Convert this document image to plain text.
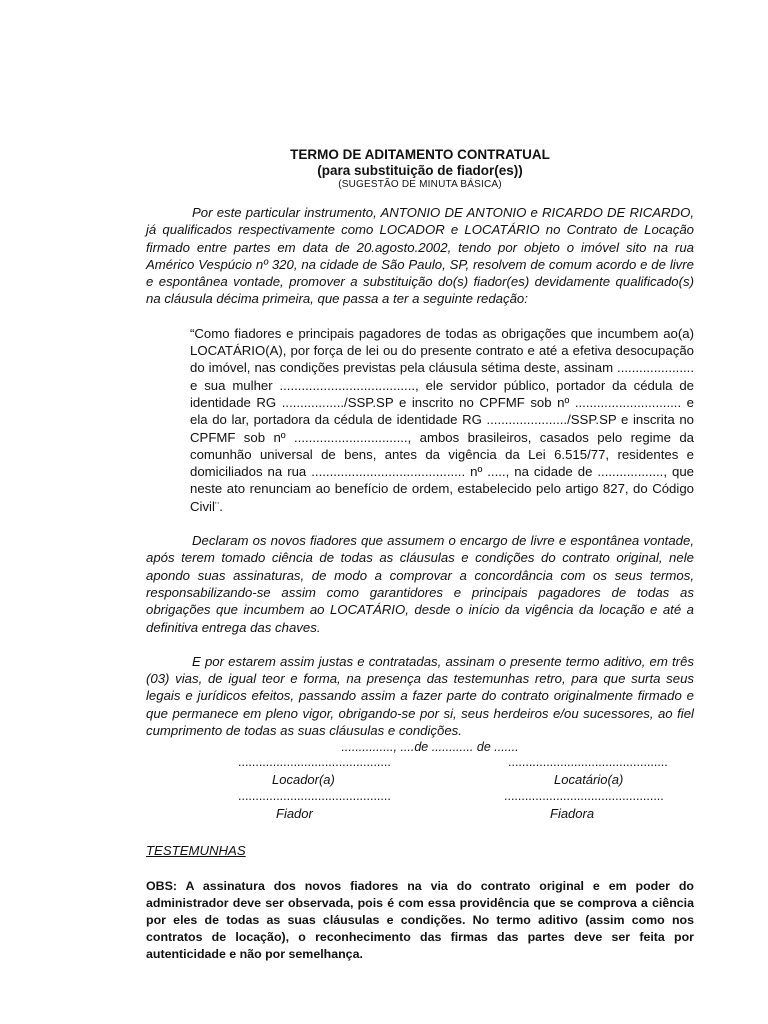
TERMO DE ADITAMENTO CONTRATUAL
(para substituição de fiador(es))
(SUGESTÃO DE MINUTA BÁSICA)

Por este particular instrumento, ANTONIO DE ANTONIO e RICARDO DE RICARDO, já qualificados respectivamente como LOCADOR e LOCATÁRIO no Contrato de Locação firmado entre partes em data de 20.agosto.2002, tendo por objeto o imóvel sito na rua Américo Vespúcio nº 320, na cidade de São Paulo, SP, resolvem de comum acordo e de livre e espontânea vontade, promover a substituição do(s) fiador(es) devidamente qualificado(s) na cláusula décima primeira, que passa a ter a seguinte redação:

“Como fiadores e principais pagadores de todas as obrigações que incumbem ao(a) LOCATÁRIO(A), por força de lei ou do presente contrato e até a efetiva desocupação do imóvel, nas condições previstas pela cláusula sétima deste, assinam ..................... e sua mulher ....................................., ele servidor público, portador da cédula de identidade RG ................./SSP.SP e inscrito no CPFMF sob nº ............................. e ela do lar, portadora da cédula de identidade RG ....................../SSP.SP e inscrita no CPFMF sob nº ..............................., ambos brasileiros, casados pelo regime da comunhão universal de bens, antes da vigência da Lei 6.515/77, residentes e domiciliados na rua .......................................... nº ....., na cidade de .................., que neste ato renunciam ao benefício de ordem, estabelecido pelo artigo 827, do Código Civil¨.

Declaram os novos fiadores que assumem o encargo de livre e espontânea vontade, após terem tomado ciência de todas as cláusulas e condições do contrato original, nele apondo suas assinaturas, de modo a comprovar a concordância com os seus termos, responsabilizando-se assim como garantidores e principais pagadores de todas as obrigações que incumbem ao LOCATÁRIO, desde o início da vigência da locação e até a definitiva entrega das chaves.

E por estarem assim justas e contratadas, assinam o presente termo aditivo, em três (03) vias, de igual teor e forma, na presença das testemunhas retro, para que surta seus legais e jurídicos efeitos, passando assim a fazer parte do contrato originalmente firmado e que permanece em pleno vigor, obrigando-se por si, seus herdeiros e/ou sucessores, ao fiel cumprimento de todas as suas cláusulas e condições.

..............., ....de ............ de .......
............................................	..............................................
Locador(a)	Locatário(a)
............................................	..............................................
Fiador	Fiadora
TESTEMUNHAS

OBS: A assinatura dos novos fiadores na via do contrato original e em poder do administrador deve ser observada, pois é com essa providência que se comprova a ciência por eles de todas as suas cláusulas e condições. No termo aditivo (assim como nos contratos de locação), o reconhecimento das firmas das partes deve ser feita por autenticidade e não por semelhança.
